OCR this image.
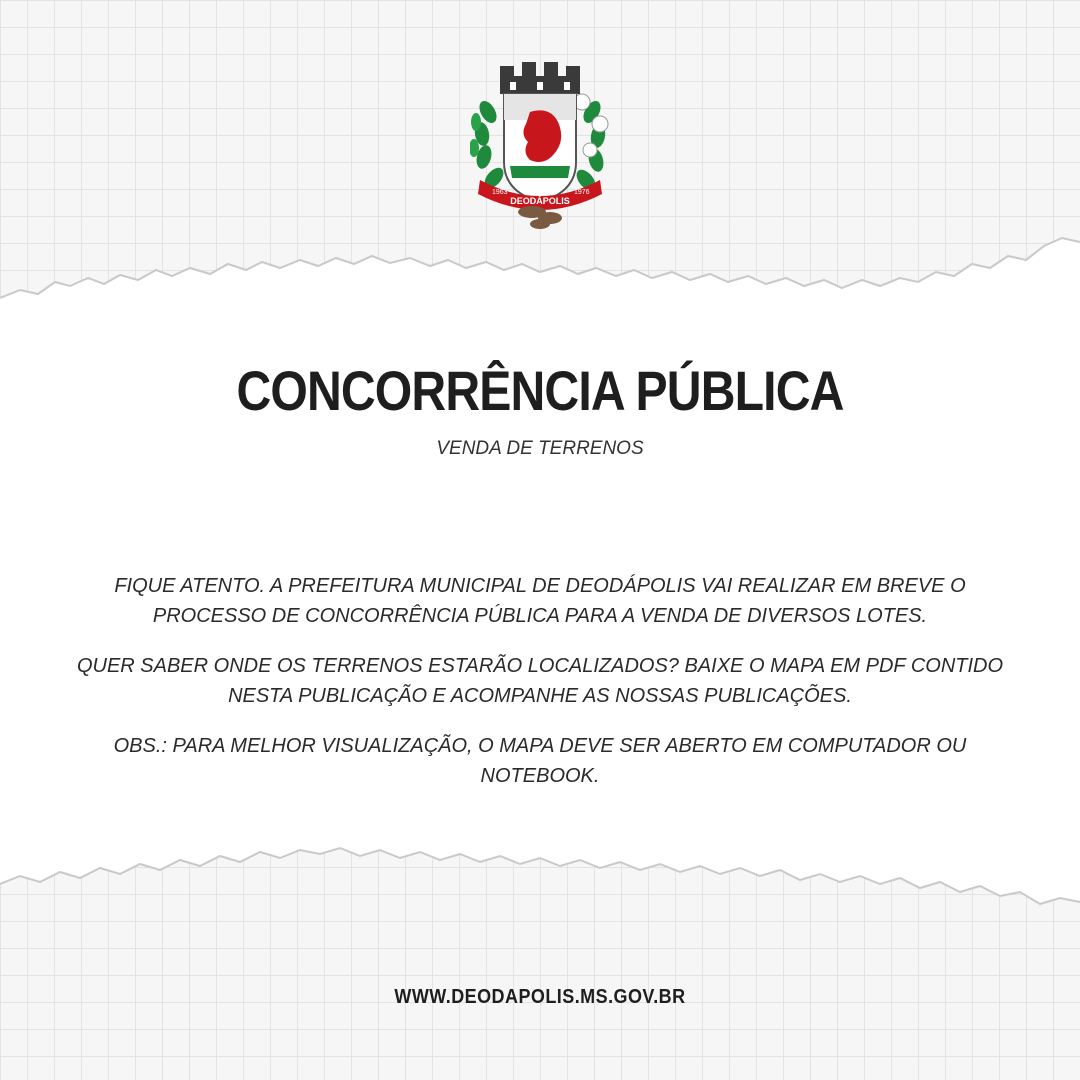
1963
DEODÁPOLIS
1976
CONCORRÊNCIA PÚBLICA

VENDA DE TERRENOS

FIQUE ATENTO. A PREFEITURA MUNICIPAL DE DEODÁPOLIS VAI REALIZAR EM BREVE O PROCESSO DE CONCORRÊNCIA PÚBLICA PARA A VENDA DE DIVERSOS LOTES.

QUER SABER ONDE OS TERRENOS ESTARÃO LOCALIZADOS? BAIXE O MAPA EM PDF CONTIDO NESTA PUBLICAÇÃO E ACOMPANHE AS NOSSAS PUBLICAÇÕES.

OBS.: PARA MELHOR VISUALIZAÇÃO, O MAPA DEVE SER ABERTO EM COMPUTADOR OU NOTEBOOK.

WWW.DEODAPOLIS.MS.GOV.BR
